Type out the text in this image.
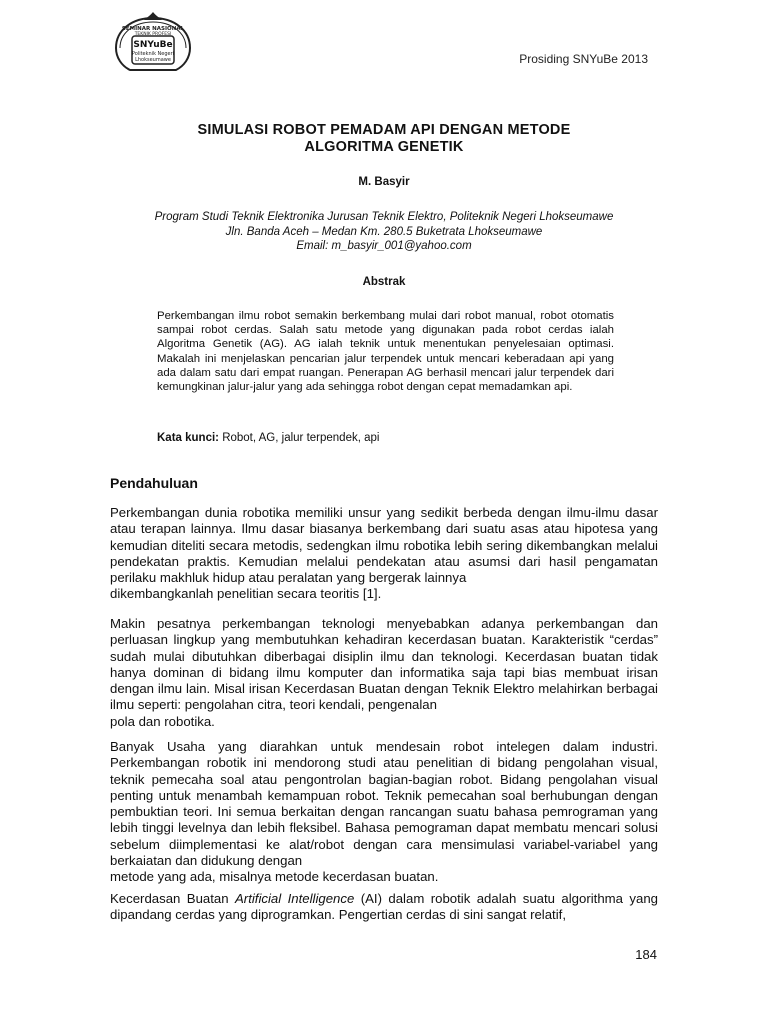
SEMINAR NASIONAL
TEKNIK PROFESI
SNYuBe
Politeknik Negeri
Lhokseumawe	Prosiding SNYuBe 2013
SIMULASI ROBOT PEMADAM API DENGAN METODE
ALGORITMA GENETIK
M. Basyir
Program Studi Teknik Elektronika Jurusan Teknik Elektro, Politeknik Negeri Lhokseumawe
Jln. Banda Aceh – Medan Km. 280.5 Buketrata Lhokseumawe
Email: m_basyir_001@yahoo.com
Abstrak
Perkembangan ilmu robot semakin berkembang mulai dari robot manual, robot otomatis sampai robot cerdas. Salah satu metode yang digunakan pada robot cerdas ialah Algoritma Genetik (AG). AG ialah teknik untuk menentukan penyelesaian optimasi. Makalah ini menjelaskan pencarian jalur terpendek untuk mencari keberadaan api yang ada dalam satu dari empat ruangan. Penerapan AG berhasil mencari jalur terpendek dari kemungkinan jalur-jalur yang ada sehingga robot dengan cepat memadamkan api.
Kata kunci: Robot, AG, jalur terpendek, api
Pendahuluan
Perkembangan dunia robotika memiliki unsur yang sedikit berbeda dengan ilmu-ilmu dasar atau terapan lainnya. Ilmu dasar biasanya berkembang dari suatu asas atau hipotesa yang kemudian diteliti secara metodis, sedengkan ilmu robotika lebih sering dikembangkan melalui pendekatan praktis. Kemudian melalui pendekatan atau asumsi dari hasil pengamatan perilaku makhluk hidup atau peralatan yang bergerak lainnya
dikembangkanlah penelitian secara teoritis [1].
Makin pesatnya perkembangan teknologi menyebabkan adanya perkembangan dan perluasan lingkup yang membutuhkan kehadiran kecerdasan buatan. Karakteristik “cerdas” sudah mulai dibutuhkan diberbagai disiplin ilmu dan teknologi. Kecerdasan buatan tidak hanya dominan di bidang ilmu komputer dan informatika saja tapi bias membuat irisan dengan ilmu lain. Misal irisan Kecerdasan Buatan dengan Teknik Elektro melahirkan berbagai ilmu seperti: pengolahan citra, teori kendali, pengenalan
pola dan robotika.
Banyak Usaha yang diarahkan untuk mendesain robot intelegen dalam industri. Perkembangan robotik ini mendorong studi atau penelitian di bidang pengolahan visual, teknik pemecaha soal atau pengontrolan bagian-bagian robot. Bidang pengolahan visual penting untuk menambah kemampuan robot. Teknik pemecahan soal berhubungan dengan pembuktian teori. Ini semua berkaitan dengan rancangan suatu bahasa pemrograman yang lebih tinggi levelnya dan lebih fleksibel. Bahasa pemograman dapat membatu mencari solusi sebelum diimplementasi ke alat/robot dengan cara mensimulasi variabel-variabel yang berkaiatan dan didukung dengan
metode yang ada, misalnya metode kecerdasan buatan.
Kecerdasan Buatan Artificial Intelligence (AI) dalam robotik adalah suatu algorithma yang dipandang cerdas yang diprogramkan. Pengertian cerdas di sini sangat relatif,
184
